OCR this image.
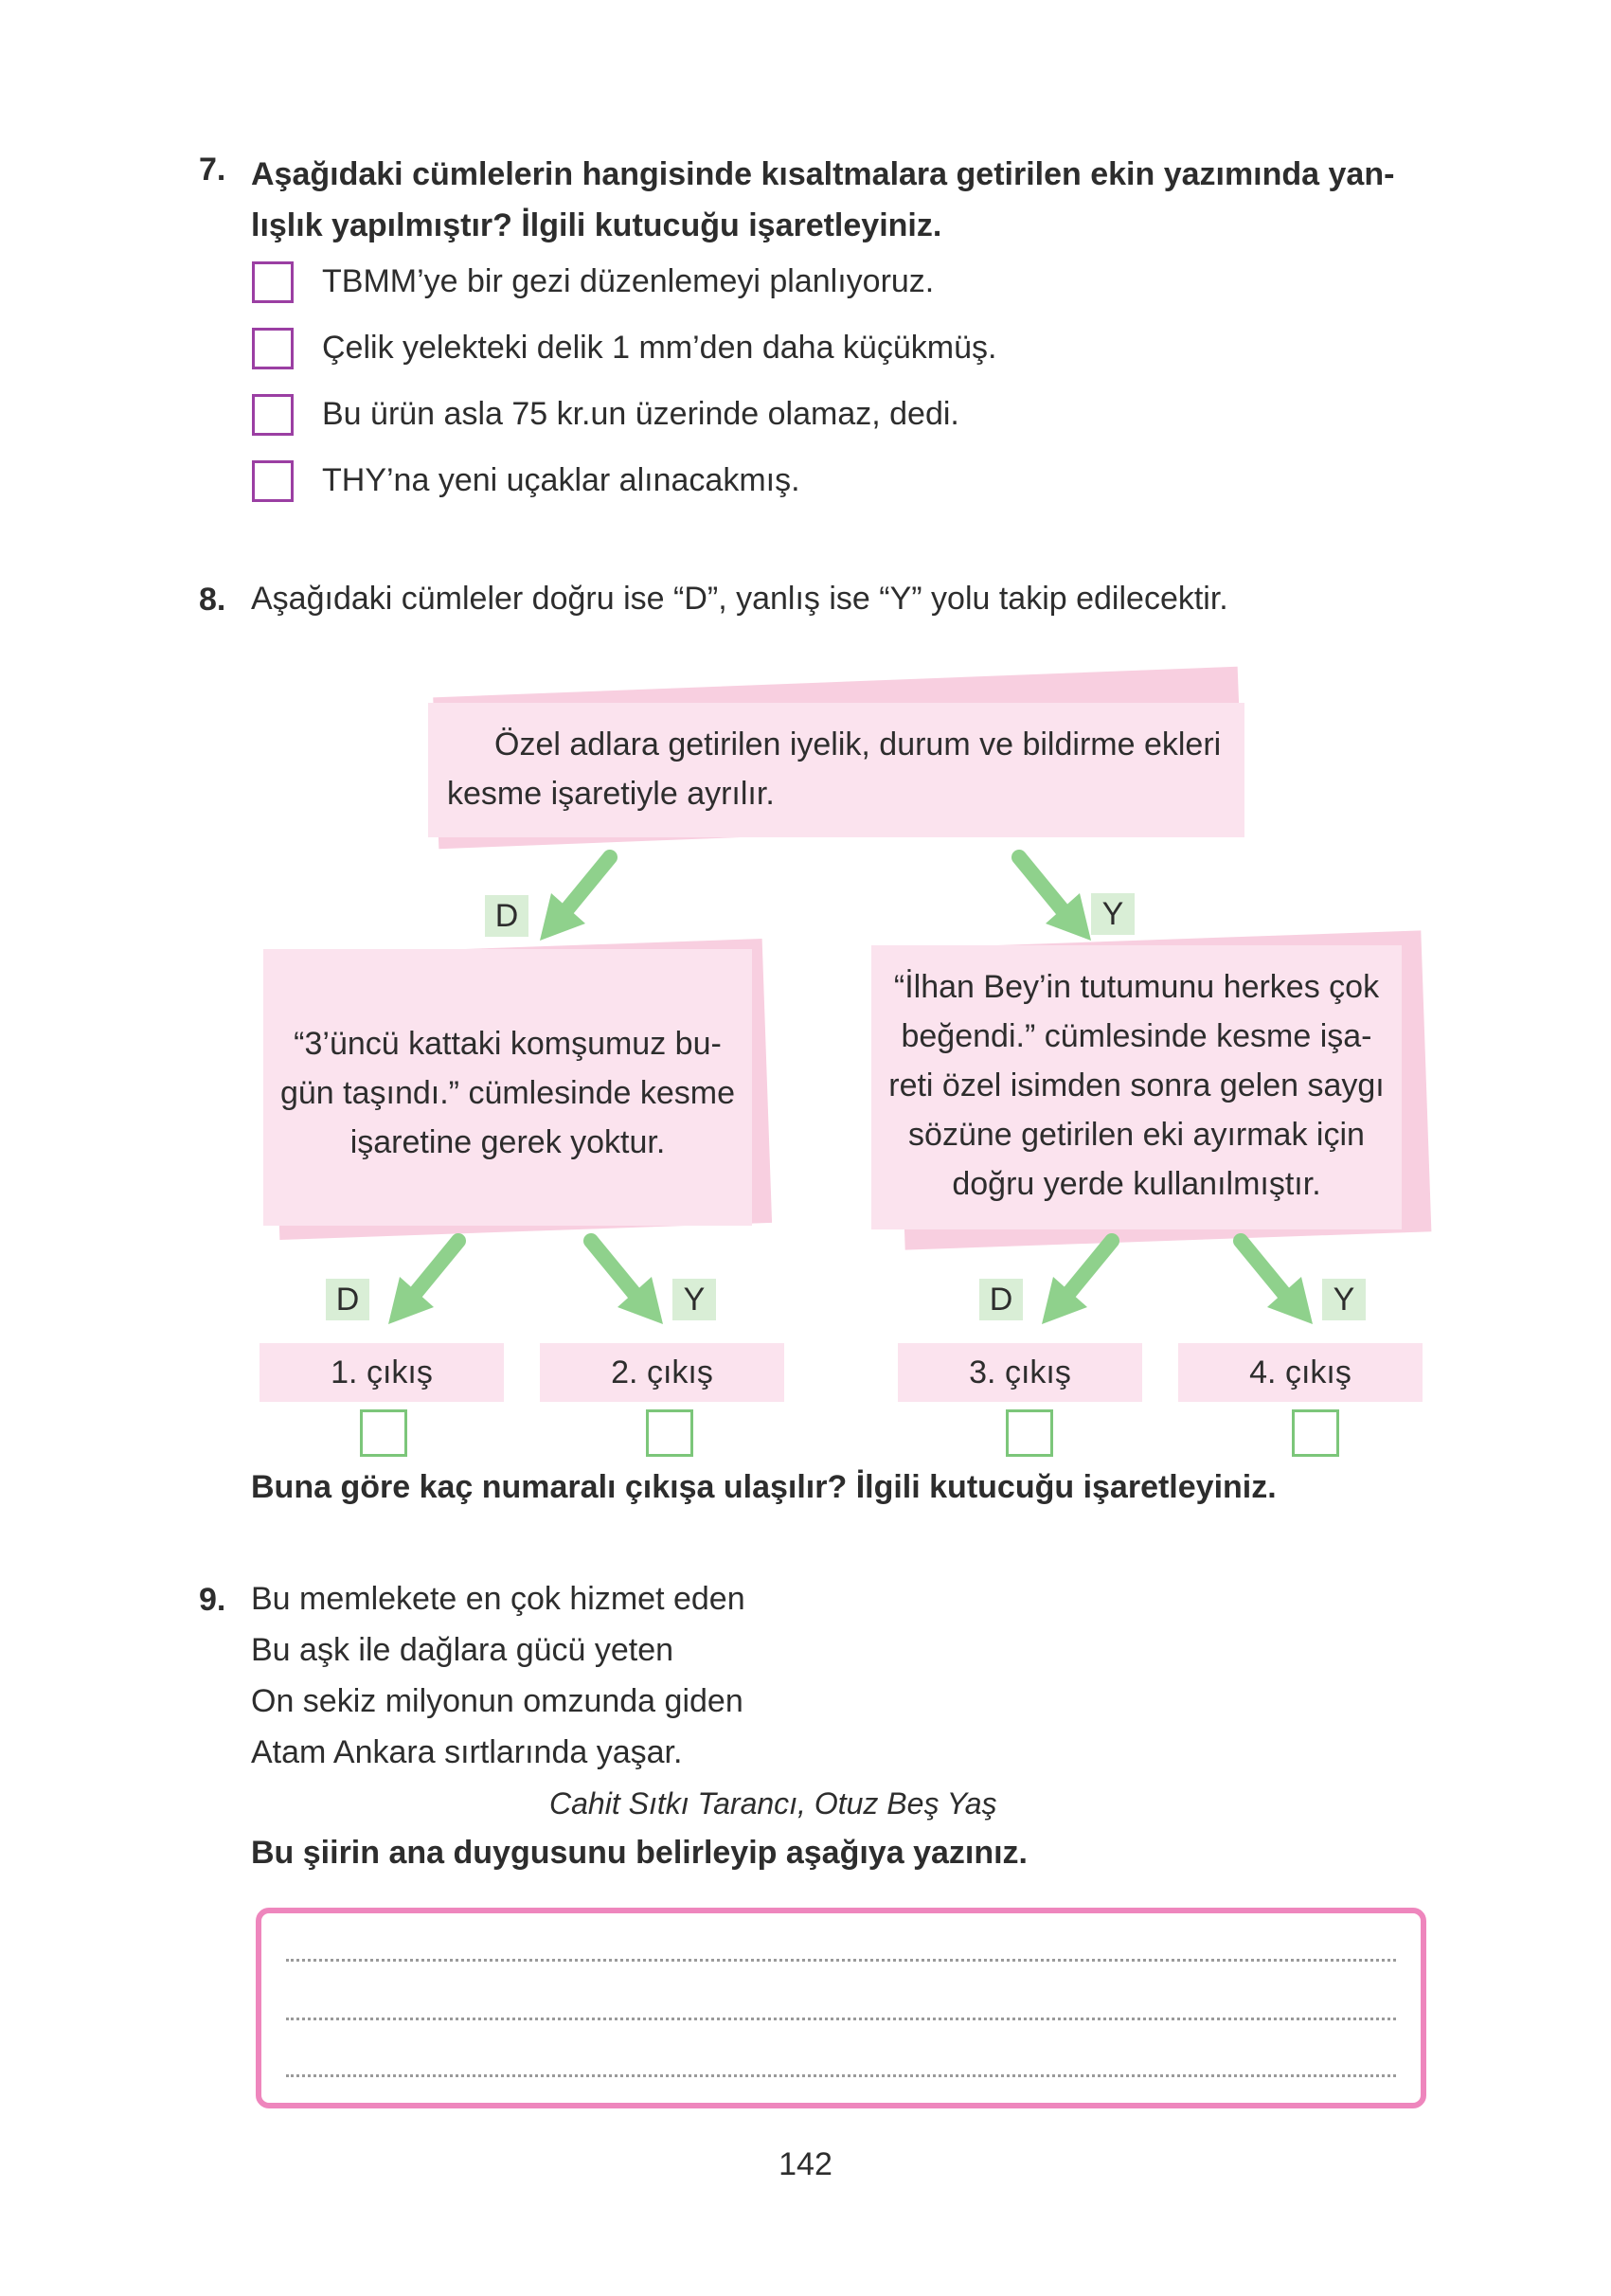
7. Aşağıdaki cümlelerin hangisinde kısaltmalara getirilen ekin yazımında yan-
lışlık yapılmıştır? İlgili kutucuğu işaretleyiniz.
TBMM’ye bir gezi düzenlemeyi planlıyoruz.
Çelik yelekteki delik 1 mm’den daha küçükmüş.
Bu ürün asla 75 kr.un üzerinde olamaz, dedi.
THY’na yeni uçaklar alınacakmış.
8. Aşağıdaki cümleler doğru ise “D”, yanlış ise “Y” yolu takip edilecektir.
Özel adlara getirilen iyelik, durum ve bildirme ekleri
kesme işaretiyle ayrılır.
D	Y
“3’üncü kattaki komşumuz bu-
gün taşındı.” cümlesinde kesme
işaretine gerek yoktur.
“İlhan Bey’in tutumunu herkes çok
beğendi.” cümlesinde kesme işa-
reti özel isimden sonra gelen saygı
sözüne getirilen eki ayırmak için
doğru yerde kullanılmıştır.
D	Y	D	Y
1. çıkış	2. çıkış	3. çıkış	4. çıkış
Buna göre kaç numaralı çıkışa ulaşılır? İlgili kutucuğu işaretleyiniz.
9. Bu memlekete en çok hizmet eden
Bu aşk ile dağlara gücü yeten
On sekiz milyonun omzunda giden
Atam Ankara sırtlarında yaşar.
Cahit Sıtkı Tarancı, Otuz Beş Yaş
Bu şiirin ana duygusunu belirleyip aşağıya yazınız.
142
